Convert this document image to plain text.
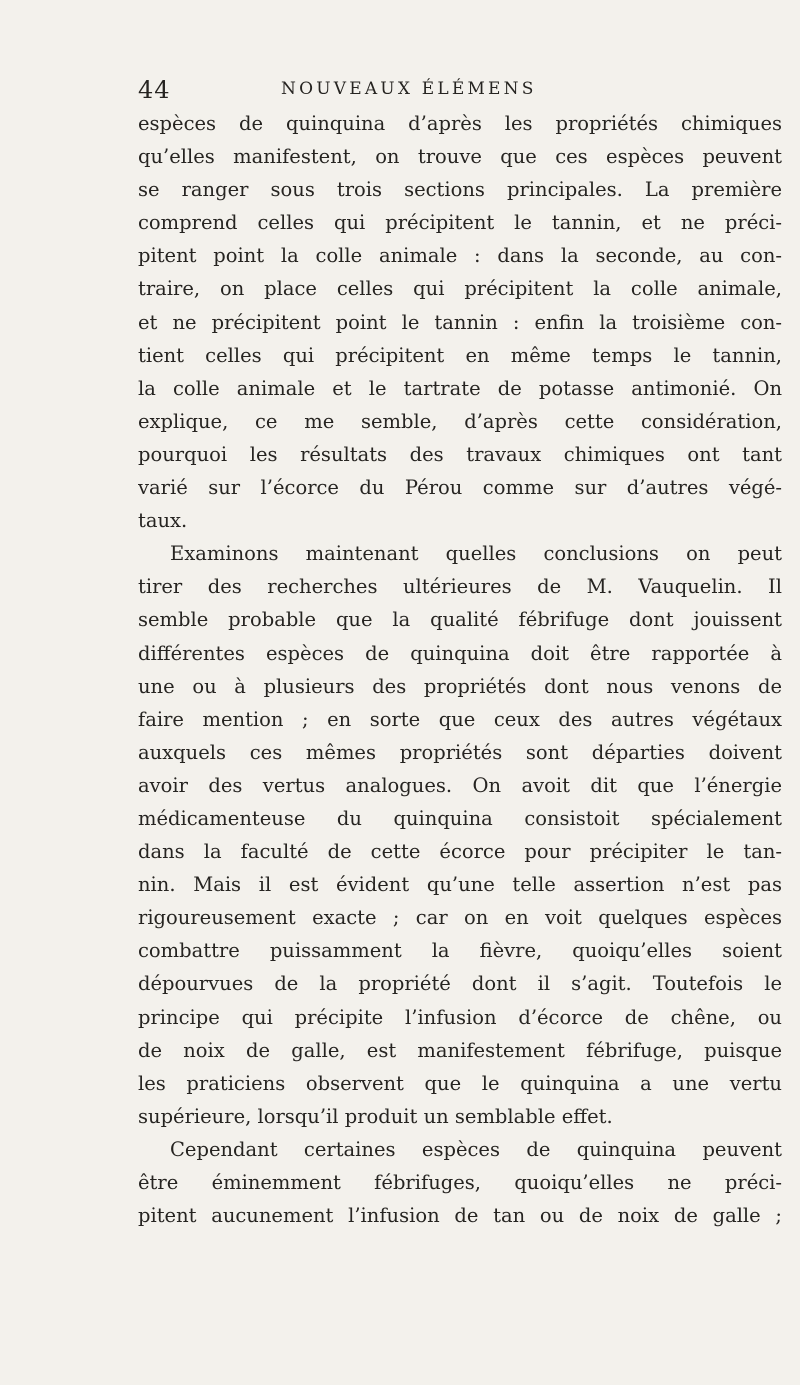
44	NOUVEAUX ÉLÉMENS

espèces de quinquina d’après les propriétés chimiques
qu’elles manifestent, on trouve que ces espèces peuvent
se ranger sous trois sections principales. La première
comprend celles qui précipitent le tannin, et ne préci-
pitent point la colle animale : dans la seconde, au con-
traire, on place celles qui précipitent la colle animale,
et ne précipitent point le tannin : enfin la troisième con-
tient celles qui précipitent en même temps le tannin,
la colle animale et le tartrate de potasse antimonié. On
explique, ce me semble, d’après cette considération,
pourquoi les résultats des travaux chimiques ont tant
varié sur l’écorce du Pérou comme sur d’autres végé-
taux.

Examinons maintenant quelles conclusions on peut
tirer des recherches ultérieures de M. Vauquelin. Il
semble probable que la qualité fébrifuge dont jouissent
différentes espèces de quinquina doit être rapportée à
une ou à plusieurs des propriétés dont nous venons de
faire mention ; en sorte que ceux des autres végétaux
auxquels ces mêmes propriétés sont départies doivent
avoir des vertus analogues. On avoit dit que l’énergie
médicamenteuse du quinquina consistoit spécialement
dans la faculté de cette écorce pour précipiter le tan-
nin. Mais il est évident qu’une telle assertion n’est pas
rigoureusement exacte ; car on en voit quelques espèces
combattre puissamment la fièvre, quoiqu’elles soient
dépourvues de la propriété dont il s’agit. Toutefois le
principe qui précipite l’infusion d’écorce de chêne, ou
de noix de galle, est manifestement fébrifuge, puisque
les praticiens observent que le quinquina a une vertu
supérieure, lorsqu’il produit un semblable effet.

Cependant certaines espèces de quinquina peuvent
être éminemment fébrifuges, quoiqu’elles ne préci-
pitent aucunement l’infusion de tan ou de noix de galle ;
